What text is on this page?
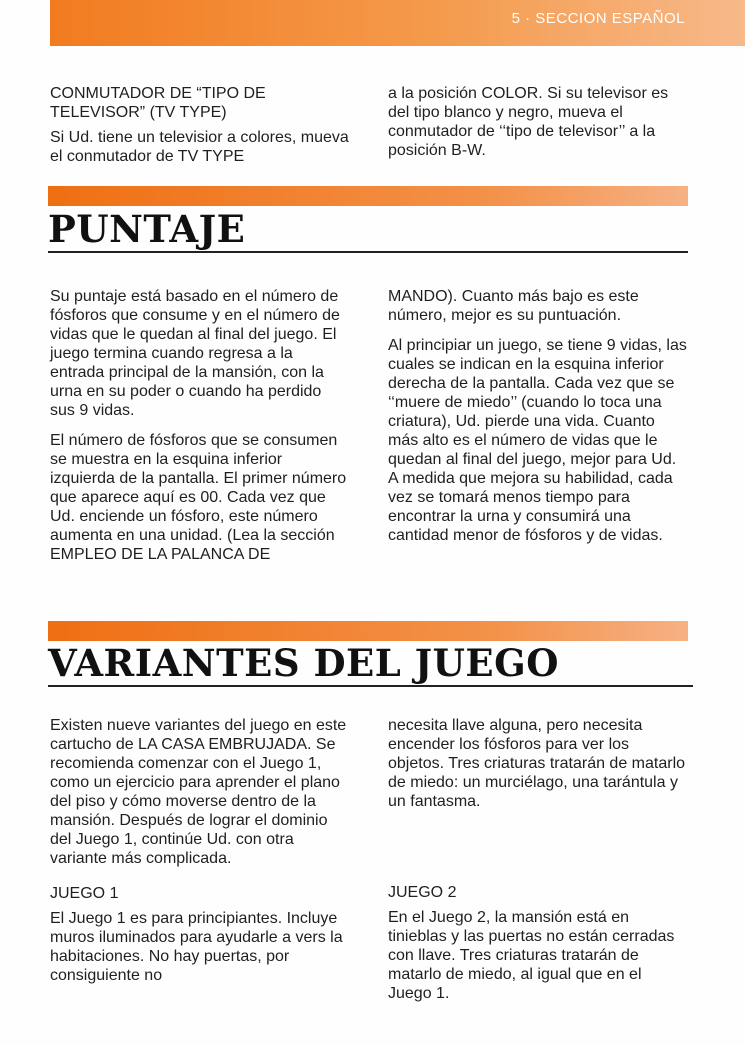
5 · SECCION ESPAÑOL
CONMUTADOR DE “TIPO DE TELEVISOR” (TV TYPE)

Si Ud. tiene un televisior a colores, mueva el conmutador de TV TYPE

a la posición COLOR. Si su televisor es del tipo blanco y negro, mueva el conmutador de ‘‘tipo de televisor’’ a la posición B-W.

PUNTAJE

Su puntaje está basado en el número de fósforos que consume y en el número de vidas que le quedan al final del juego. El juego termina cuando regresa a la entrada principal de la mansión, con la urna en su poder o cuando ha perdido sus 9 vidas.

El número de fósforos que se consumen se muestra en la esquina inferior izquierda de la pantalla. El primer número que aparece aquí es 00. Cada vez que Ud. enciende un fósforo, este número aumenta en una unidad. (Lea la sección EMPLEO DE LA PALANCA DE

MANDO). Cuanto más bajo es este número, mejor es su puntuación.

Al principiar un juego, se tiene 9 vidas, las cuales se indican en la esquina inferior derecha de la pantalla. Cada vez que se ‘‘muere de miedo’’ (cuando lo toca una criatura), Ud. pierde una vida. Cuanto más alto es el número de vidas que le quedan al final del juego, mejor para Ud. A medida que mejora su habilidad, cada vez se tomará menos tiempo para encontrar la urna y consumirá una cantidad menor de fósforos y de vidas.

VARIANTES DEL JUEGO

Existen nueve variantes del juego en este cartucho de LA CASA EMBRUJADA. Se recomienda comenzar con el Juego 1, como un ejercicio para aprender el plano del piso y cómo moverse dentro de la mansión. Después de lograr el dominio del Juego 1, continúe Ud. con otra variante más complicada.

JUEGO 1

El Juego 1 es para principiantes. Incluye muros iluminados para ayudarle a vers la habitaciones. No hay puertas, por consiguiente no

necesita llave alguna, pero necesita encender los fósforos para ver los objetos. Tres criaturas tratarán de matarlo de miedo: un murciélago, una tarántula y un fantasma.

JUEGO 2

En el Juego 2, la mansión está en tinieblas y las puertas no están cerradas con llave. Tres criaturas tratarán de matarlo de miedo, al igual que en el Juego 1.
